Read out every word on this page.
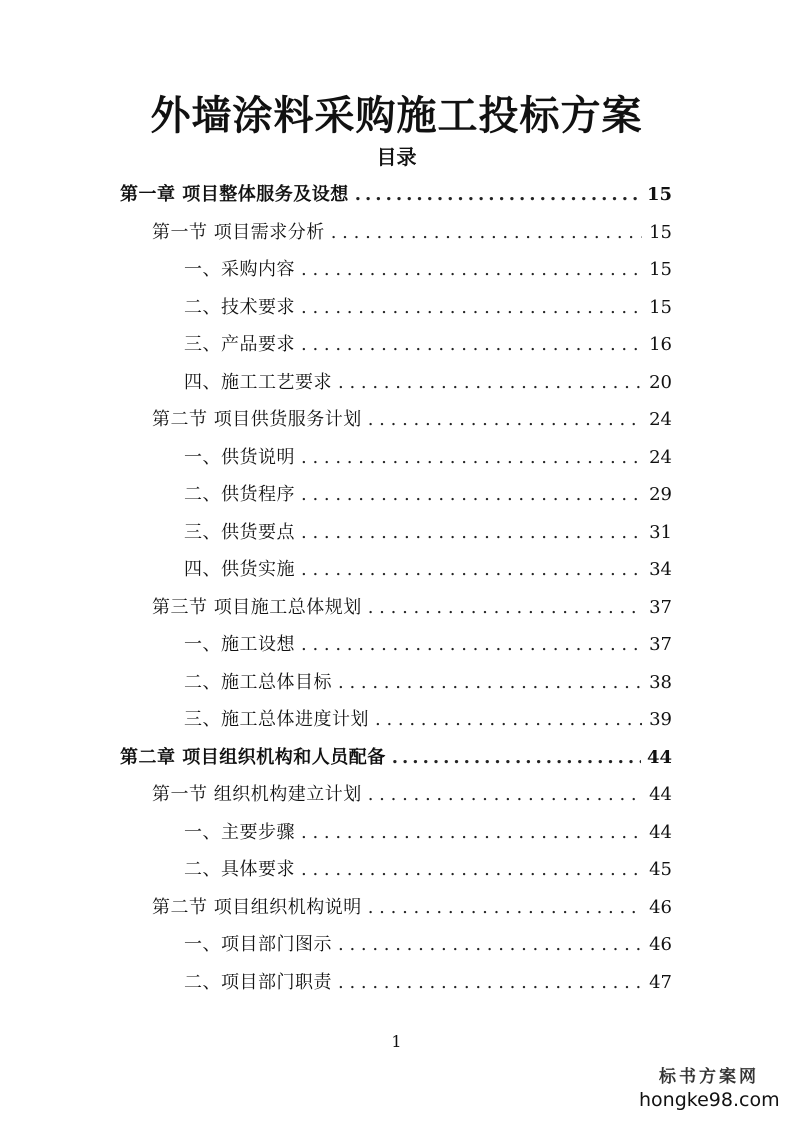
外墙涂料采购施工投标方案
目录
第一章 项目整体服务及设想 .....	15
第一节 项目需求分析 . . .	15
一、采购内容 . . .	15
二、技术要求 . . .	15
三、产品要求 . . .	16
四、施工工艺要求 . . .	20
第二节 项目供货服务计划 . . .	24
一、供货说明 . . .	24
二、供货程序 . . .	29
三、供货要点 . . .	31
四、供货实施 . . .	34
第三节 项目施工总体规划 . . .	37
一、施工设想 . . .	37
二、施工总体目标 . . .	38
三、施工总体进度计划 . . .	39
第二章 项目组织机构和人员配备 .....	44
第一节 组织机构建立计划 . . .	44
一、主要步骤 . . .	44
二、具体要求 . . .	45
第二节 项目组织机构说明 . . .	46
一、项目部门图示 . . .	46
二、项目部门职责 . . .	47
1
标书方案网
hongke98.com
